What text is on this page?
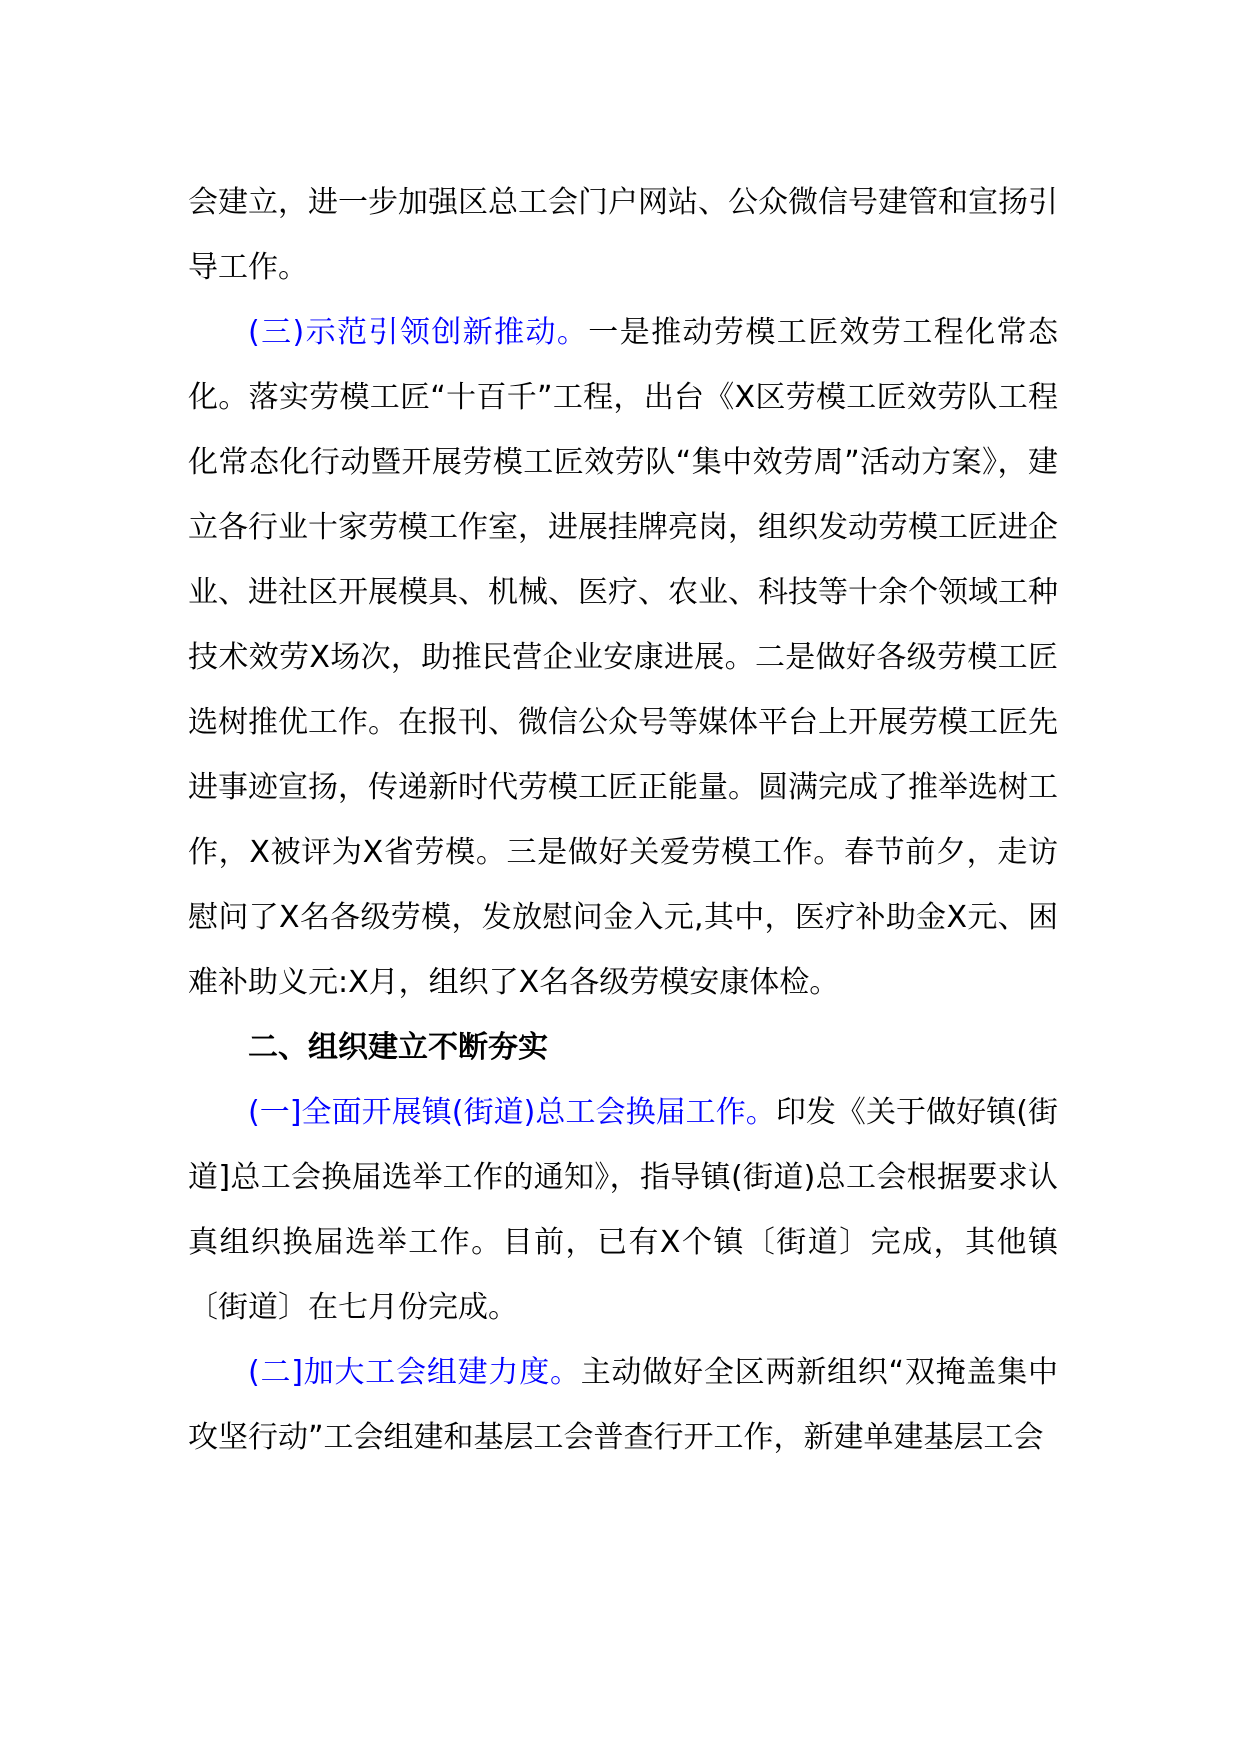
会建立，进一步加强区总工会门户网站、公众微信号建管和宣扬引导工作。

(三)示范引领创新推动。一是推动劳模工匠效劳工程化常态化。落实劳模工匠“十百千”工程，出台《X区劳模工匠效劳队工程化常态化行动暨开展劳模工匠效劳队“集中效劳周”活动方案》，建立各行业十家劳模工作室，进展挂牌亮岗，组织发动劳模工匠进企业、进社区开展模具、机械、医疗、农业、科技等十余个领域工种技术效劳X场次，助推民营企业安康进展。二是做好各级劳模工匠选树推优工作。在报刊、微信公众号等媒体平台上开展劳模工匠先进事迹宣扬，传递新时代劳模工匠正能量。圆满完成了推举选树工作，X被评为X省劳模。三是做好关爱劳模工作。春节前夕，走访慰问了X名各级劳模，发放慰问金入元,其中，医疗补助金X元、困难补助义元:X月，组织了X名各级劳模安康体检。

二、组织建立不断夯实

(一]全面开展镇(街道)总工会换届工作。印发《关于做好镇(街道]总工会换届选举工作的通知》，指导镇(街道)总工会根据要求认真组织换届选举工作。目前，已有X个镇〔街道〕完成，其他镇〔街道〕在七月份完成。

(二]加大工会组建力度。主动做好全区两新组织“双掩盖集中攻坚行动”工会组建和基层工会普查行开工作，新建单建基层工会
